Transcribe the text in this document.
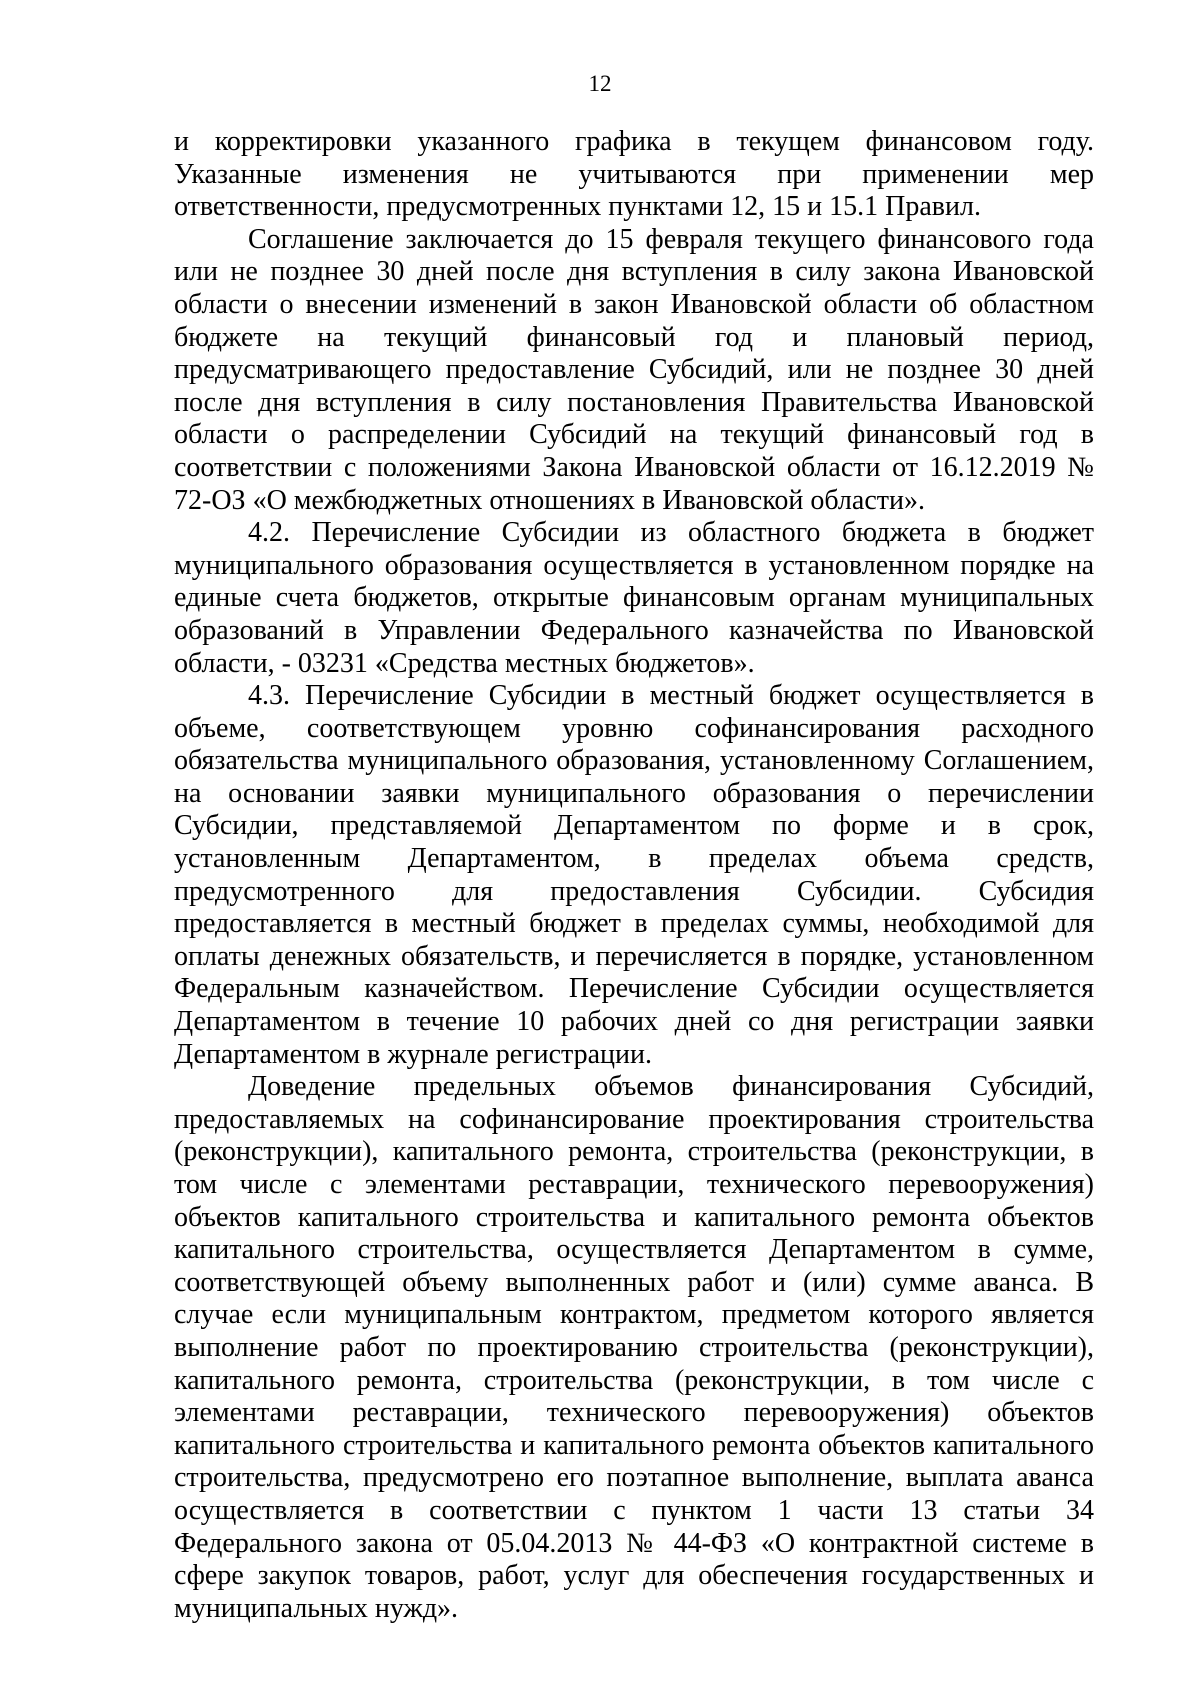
12

и корректировки указанного графика в текущем финансовом году. Указанные изменения не учитываются при применении мер ответственности, предусмотренных пунктами 12, 15 и 15.1 Правил.

Соглашение заключается до 15 февраля текущего финансового года или не позднее 30 дней после дня вступления в силу закона Ивановской области о внесении изменений в закон Ивановской области об областном бюджете на текущий финансовый год и плановый период, предусматривающего предоставление Субсидий, или не позднее 30 дней после дня вступления в силу постановления Правительства Ивановской области о распределении Субсидий на текущий финансовый год в соответствии с положениями Закона Ивановской области от 16.12.2019 № 72-ОЗ «О межбюджетных отношениях в Ивановской области».

4.2. Перечисление Субсидии из областного бюджета в бюджет муниципального образования осуществляется в установленном порядке на единые счета бюджетов, открытые финансовым органам муниципальных образований в Управлении Федерального казначейства по Ивановской области, - 03231 «Средства местных бюджетов».

4.3. Перечисление Субсидии в местный бюджет осуществляется в объеме, соответствующем уровню софинансирования расходного обязательства муниципального образования, установленному Соглашением, на основании заявки муниципального образования о перечислении Субсидии, представляемой Департаментом по форме и в срок, установленным Департаментом, в пределах объема средств, предусмотренного для предоставления Субсидии. Субсидия предоставляется в местный бюджет в пределах суммы, необходимой для оплаты денежных обязательств, и перечисляется в порядке, установленном Федеральным казначейством. Перечисление Субсидии осуществляется Департаментом в течение 10 рабочих дней со дня регистрации заявки Департаментом в журнале регистрации.

Доведение предельных объемов финансирования Субсидий, предоставляемых на софинансирование проектирования строительства (реконструкции), капитального ремонта, строительства (реконструкции, в том числе с элементами реставрации, технического перевооружения) объектов капитального строительства и капитального ремонта объектов капитального строительства, осуществляется Департаментом в сумме, соответствующей объему выполненных работ и (или) сумме аванса. В случае если муниципальным контрактом, предметом которого является выполнение работ по проектированию строительства (реконструкции), капитального ремонта, строительства (реконструкции, в том числе с элементами реставрации, технического перевооружения) объектов капитального строительства и капитального ремонта объектов капитального строительства, предусмотрено его поэтапное выполнение, выплата аванса осуществляется в соответствии с пунктом 1 части 13 статьи 34 Федерального закона от 05.04.2013 № 44-ФЗ «О контрактной системе в сфере закупок товаров, работ, услуг для обеспечения государственных и муниципальных нужд».
